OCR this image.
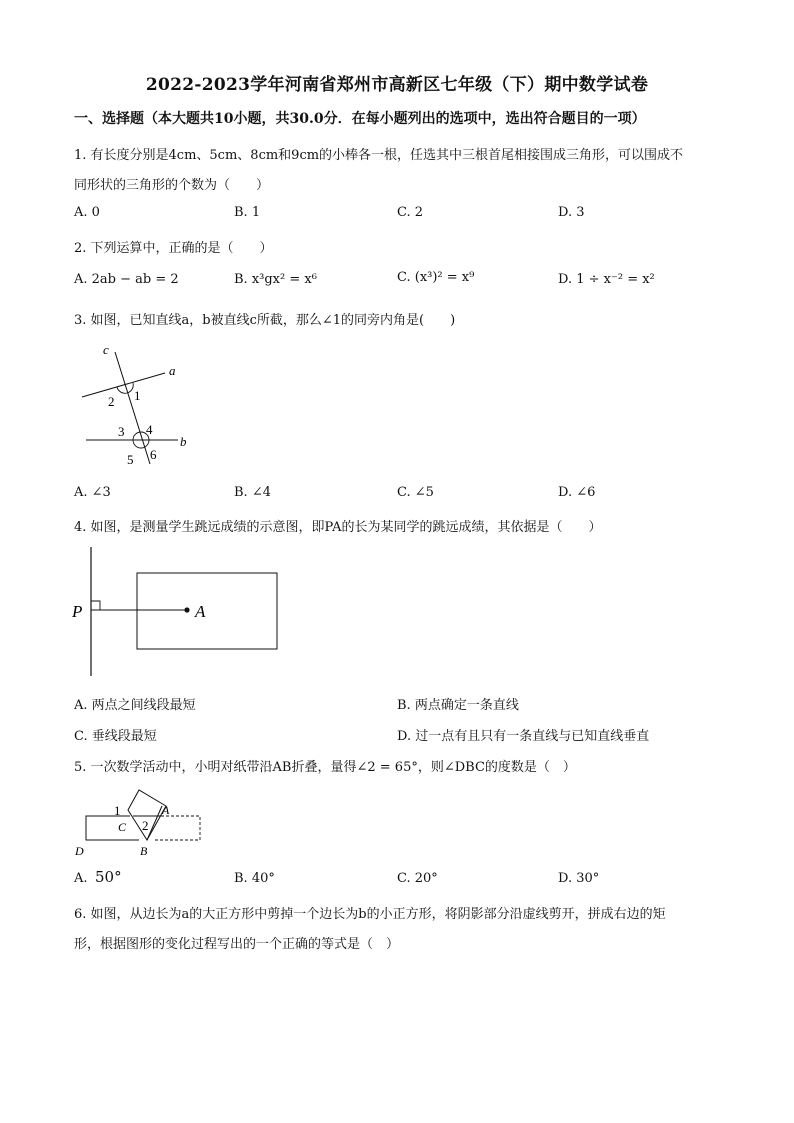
2022-2023学年河南省郑州市高新区七年级（下）期中数学试卷
一、选择题（本大题共10小题，共30.0分．在每小题列出的选项中，选出符合题目的一项）
1. 有长度分别是4cm、5cm、8cm和9cm的小棒各一根，任选其中三根首尾相接围成三角形，可以围成不
同形状的三角形的个数为（　　）
A. 0	B. 1	C. 2	D. 3
2. 下列运算中，正确的是（　　）
A. 2ab − ab = 2	B. x³gx² = x⁶	C. (x³)² = x⁹	D. 1 ÷ x⁻² = x²
3. 如图，已知直线a，b被直线c所截，那么∠1的同旁内角是(　　)
c
a
b
2 1
3 4
5 6
A. ∠3	B. ∠4	C. ∠5	D. ∠6
4. 如图，是测量学生跳远成绩的示意图，即PA的长为某同学的跳远成绩，其依据是（　　）
P	A
A. 两点之间线段最短	B. 两点确定一条直线
C. 垂线段最短	D. 过一点有且只有一条直线与已知直线垂直
5. 一次数学活动中，小明对纸带沿AB折叠，量得∠2 = 65°，则∠DBC的度数是（　）
1
2
A
C
D	B
A. 50°	B. 40°	C. 20°	D. 30°
6. 如图，从边长为a的大正方形中剪掉一个边长为b的小正方形，将阴影部分沿虚线剪开，拼成右边的矩
形，根据图形的变化过程写出的一个正确的等式是（　）
